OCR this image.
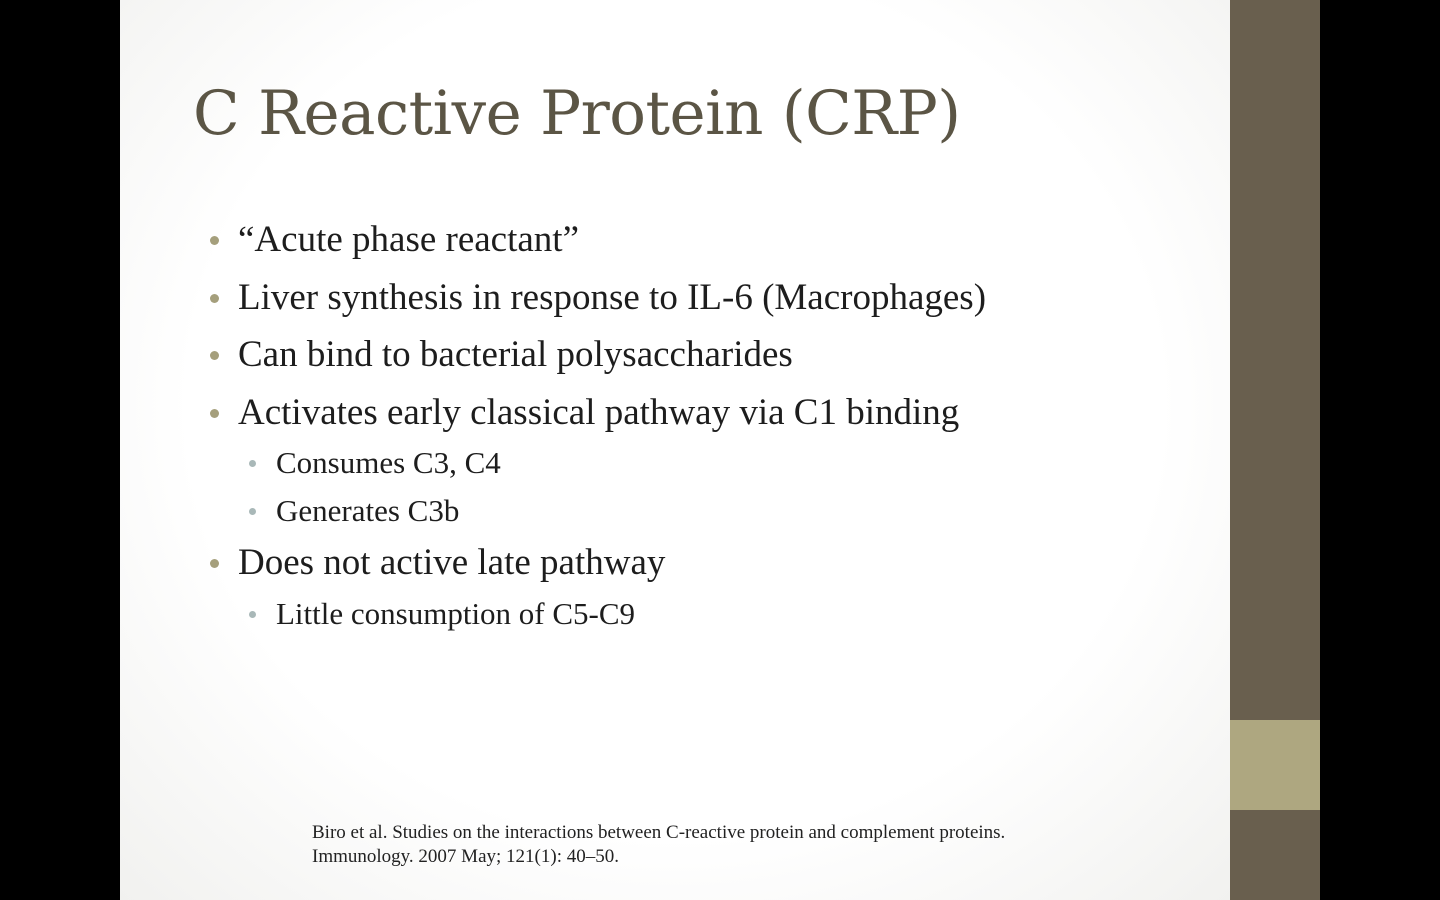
C Reactive Protein (CRP)
“Acute phase reactant”
Liver synthesis in response to IL-6 (Macrophages)
Can bind to bacterial polysaccharides
Activates early classical pathway via C1 binding
Consumes C3, C4
Generates C3b
Does not active late pathway
Little consumption of C5-C9
Biro et al. Studies on the interactions between C-reactive protein and complement proteins.
Immunology. 2007 May; 121(1): 40–50.
